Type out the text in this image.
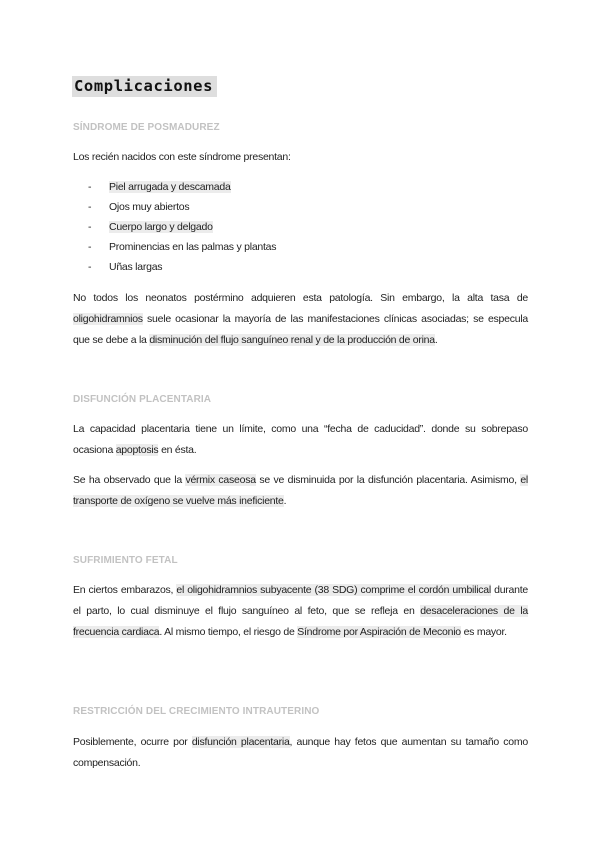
Complicaciones
SÍNDROME DE POSMADUREZ
Los recién nacidos con este síndrome presentan:
- Piel arrugada y descamada
- Ojos muy abiertos
- Cuerpo largo y delgado
- Prominencias en las palmas y plantas
- Uñas largas
No todos los neonatos postérmino adquieren esta patología. Sin embargo, la alta tasa de oligohidramnios suele ocasionar la mayoría de las manifestaciones clínicas asociadas; se especula que se debe a la disminución del flujo sanguíneo renal y de la producción de orina.
DISFUNCIÓN PLACENTARIA
La capacidad placentaria tiene un límite, como una “fecha de caducidad”. donde su sobrepaso ocasiona apoptosis en ésta.
Se ha observado que la vérmix caseosa se ve disminuida por la disfunción placentaria. Asimismo, el transporte de oxígeno se vuelve más ineficiente.
SUFRIMIENTO FETAL
En ciertos embarazos, el oligohidramnios subyacente (38 SDG) comprime el cordón umbilical durante el parto, lo cual disminuye el flujo sanguíneo al feto, que se refleja en desaceleraciones de la frecuencia cardiaca. Al mismo tiempo, el riesgo de Síndrome por Aspiración de Meconio es mayor.
RESTRICCIÓN DEL CRECIMIENTO INTRAUTERINO
Posiblemente, ocurre por disfunción placentaria, aunque hay fetos que aumentan su tamaño como compensación.
